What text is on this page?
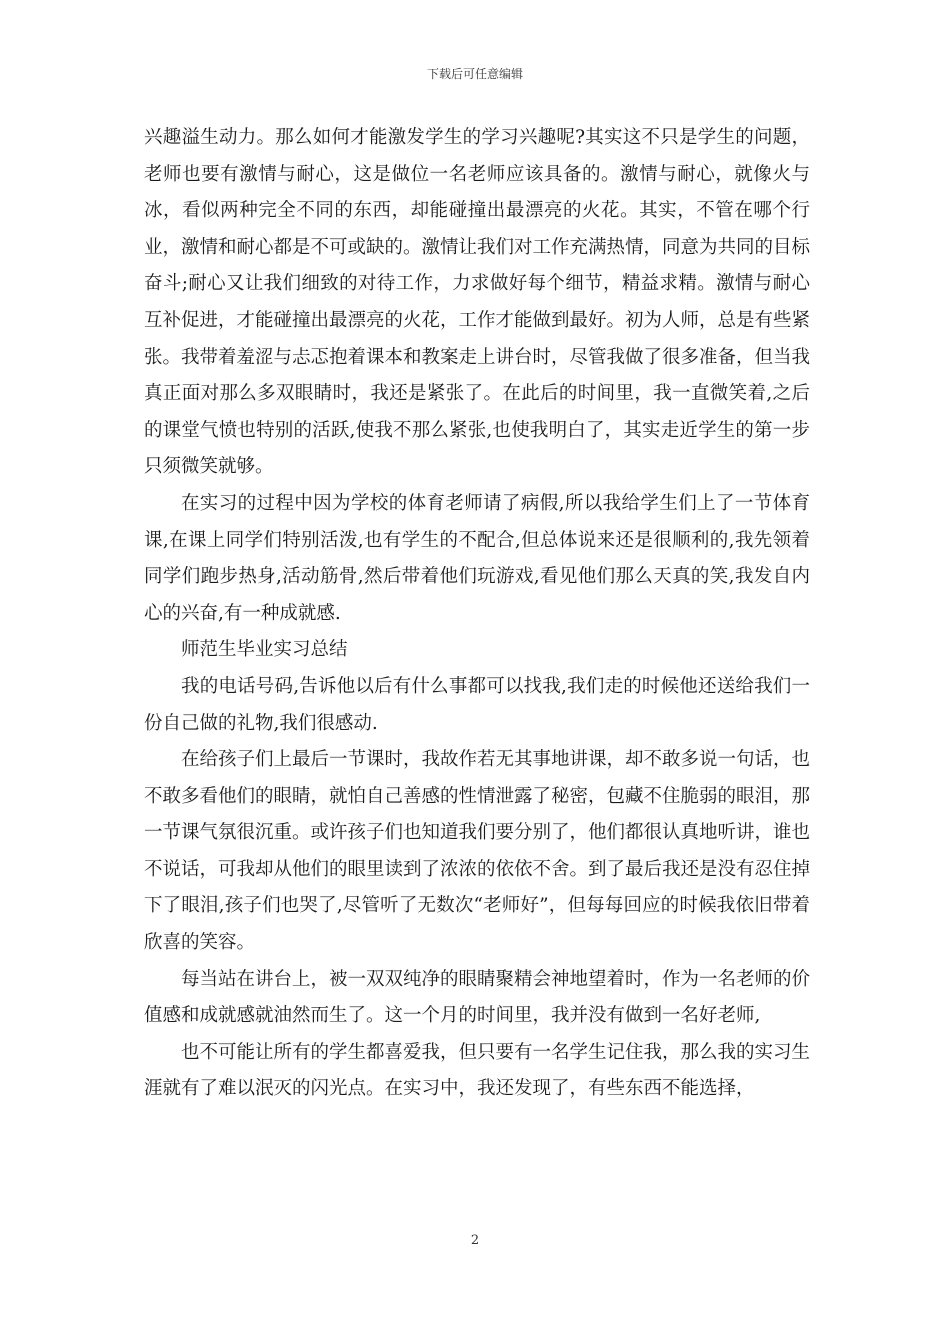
下载后可任意编辑

兴趣溢生动力。那么如何才能激发学生的学习兴趣呢?其实这不只是学生的问题，老师也要有激情与耐心，这是做位一名老师应该具备的。激情与耐心，就像火与冰，看似两种完全不同的东西，却能碰撞出最漂亮的火花。其实，不管在哪个行业，激情和耐心都是不可或缺的。激情让我们对工作充满热情，同意为共同的目标奋斗;耐心又让我们细致的对待工作，力求做好每个细节，精益求精。激情与耐心互补促进，才能碰撞出最漂亮的火花，工作才能做到最好。初为人师，总是有些紧张。我带着羞涩与忐忑抱着课本和教案走上讲台时，尽管我做了很多准备，但当我真正面对那么多双眼睛时，我还是紧张了。在此后的时间里，我一直微笑着,之后的课堂气愤也特别的活跃,使我不那么紧张,也使我明白了，其实走近学生的第一步只须微笑就够。

在实习的过程中因为学校的体育老师请了病假,所以我给学生们上了一节体育课,在课上同学们特别活泼,也有学生的不配合,但总体说来还是很顺利的,我先领着同学们跑步热身,活动筋骨,然后带着他们玩游戏,看见他们那么天真的笑,我发自内心的兴奋,有一种成就感.

师范生毕业实习总结

我的电话号码,告诉他以后有什么事都可以找我,我们走的时候他还送给我们一份自己做的礼物,我们很感动.

在给孩子们上最后一节课时，我故作若无其事地讲课，却不敢多说一句话，也不敢多看他们的眼睛，就怕自己善感的性情泄露了秘密，包藏不住脆弱的眼泪，那一节课气氛很沉重。或许孩子们也知道我们要分别了，他们都很认真地听讲，谁也不说话，可我却从他们的眼里读到了浓浓的依依不舍。到了最后我还是没有忍住掉下了眼泪,孩子们也哭了,尽管听了无数次“老师好”，但每每回应的时候我依旧带着欣喜的笑容。

每当站在讲台上，被一双双纯净的眼睛聚精会神地望着时，作为一名老师的价值感和成就感就油然而生了。这一个月的时间里，我并没有做到一名好老师,

也不可能让所有的学生都喜爱我，但只要有一名学生记住我，那么我的实习生涯就有了难以泯灭的闪光点。在实习中，我还发现了，有些东西不能选择，

2
